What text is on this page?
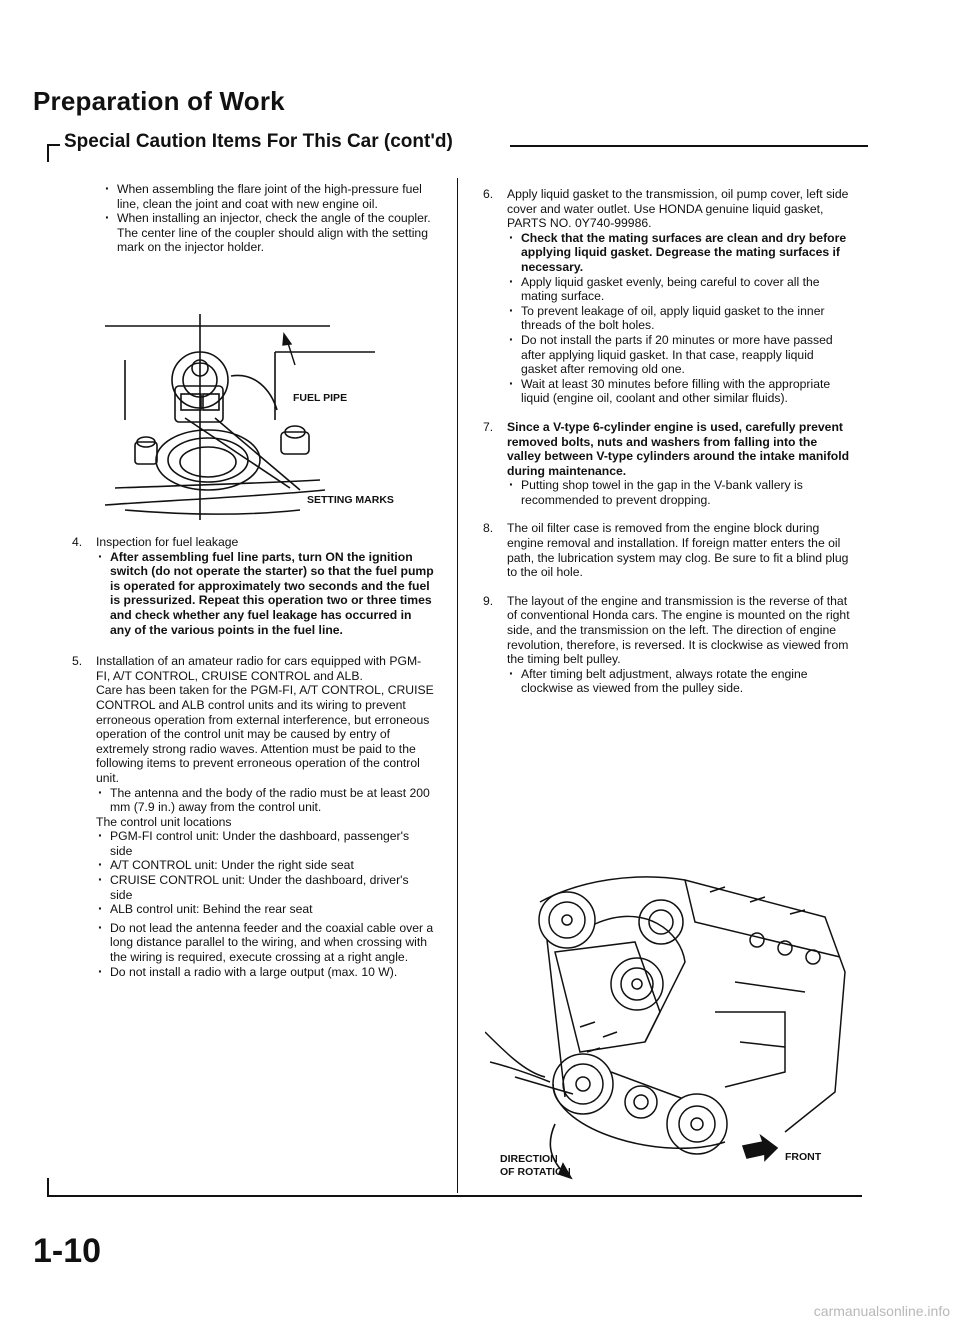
Preparation of Work
Special Caution Items For This Car (cont'd)

· When assembling the flare joint of the high-pressure fuel line, clean the joint and coat with new engine oil.

· When installing an injector, check the angle of the coupler. The center line of the coupler should align with the setting mark on the injector holder.

FUEL PIPE
SETTING MARKS
4. Inspection for fuel leakage

· After assembling fuel line parts, turn ON the ignition switch (do not operate the starter) so that the fuel pump is operated for approximately two seconds and the fuel is pressurized. Repeat this operation two or three times and check whether any fuel leakage has occurred in any of the various points in the fuel line.

5. Installation of an amateur radio for cars equipped with PGM-FI, A/T CONTROL, CRUISE CONTROL and ALB.

Care has been taken for the PGM-FI, A/T CONTROL, CRUISE CONTROL and ALB control units and its wiring to prevent erroneous operation from external interference, but erroneous operation of the control unit may be caused by entry of extremely strong radio waves. Attention must be paid to the following items to prevent erroneous operation of the control unit.

· The antenna and the body of the radio must be at least 200 mm (7.9 in.) away from the control unit.

The control unit locations

· PGM-FI control unit: Under the dashboard, passenger's side

· A/T CONTROL unit: Under the right side seat

· CRUISE CONTROL unit: Under the dashboard, driver's side

· ALB control unit: Behind the rear seat

· Do not lead the antenna feeder and the coaxial cable over a long distance parallel to the wiring, and when crossing with the wiring is required, execute crossing at a right angle.

· Do not install a radio with a large output (max. 10 W).

6. Apply liquid gasket to the transmission, oil pump cover, left side cover and water outlet. Use HONDA genuine liquid gasket, PARTS NO. 0Y740-99986.

· Check that the mating surfaces are clean and dry before applying liquid gasket. Degrease the mating surfaces if necessary.

· Apply liquid gasket evenly, being careful to cover all the mating surface.

· To prevent leakage of oil, apply liquid gasket to the inner threads of the bolt holes.

· Do not install the parts if 20 minutes or more have passed after applying liquid gasket. In that case, reapply liquid gasket after removing old one.

· Wait at least 30 minutes before filling with the appropriate liquid (engine oil, coolant and other similar fluids).

7. Since a V-type 6-cylinder engine is used, carefully prevent removed bolts, nuts and washers from falling into the valley between V-type cylinders around the intake manifold during maintenance.

· Putting shop towel in the gap in the V-bank vallery is recommended to prevent dropping.

8. The oil filter case is removed from the engine block during engine removal and installation. If foreign matter enters the oil path, the lubrication system may clog. Be sure to fit a blind plug to the oil hole.

9. The layout of the engine and transmission is the reverse of that of conventional Honda cars. The engine is mounted on the right side, and the transmission on the left. The direction of engine revolution, therefore, is reversed. It is clockwise as viewed from the timing belt pulley.

· After timing belt adjustment, always rotate the engine clockwise as viewed from the pulley side.

DIRECTION
OF ROTATION
FRONT
1-10
carmanualsonline.info
